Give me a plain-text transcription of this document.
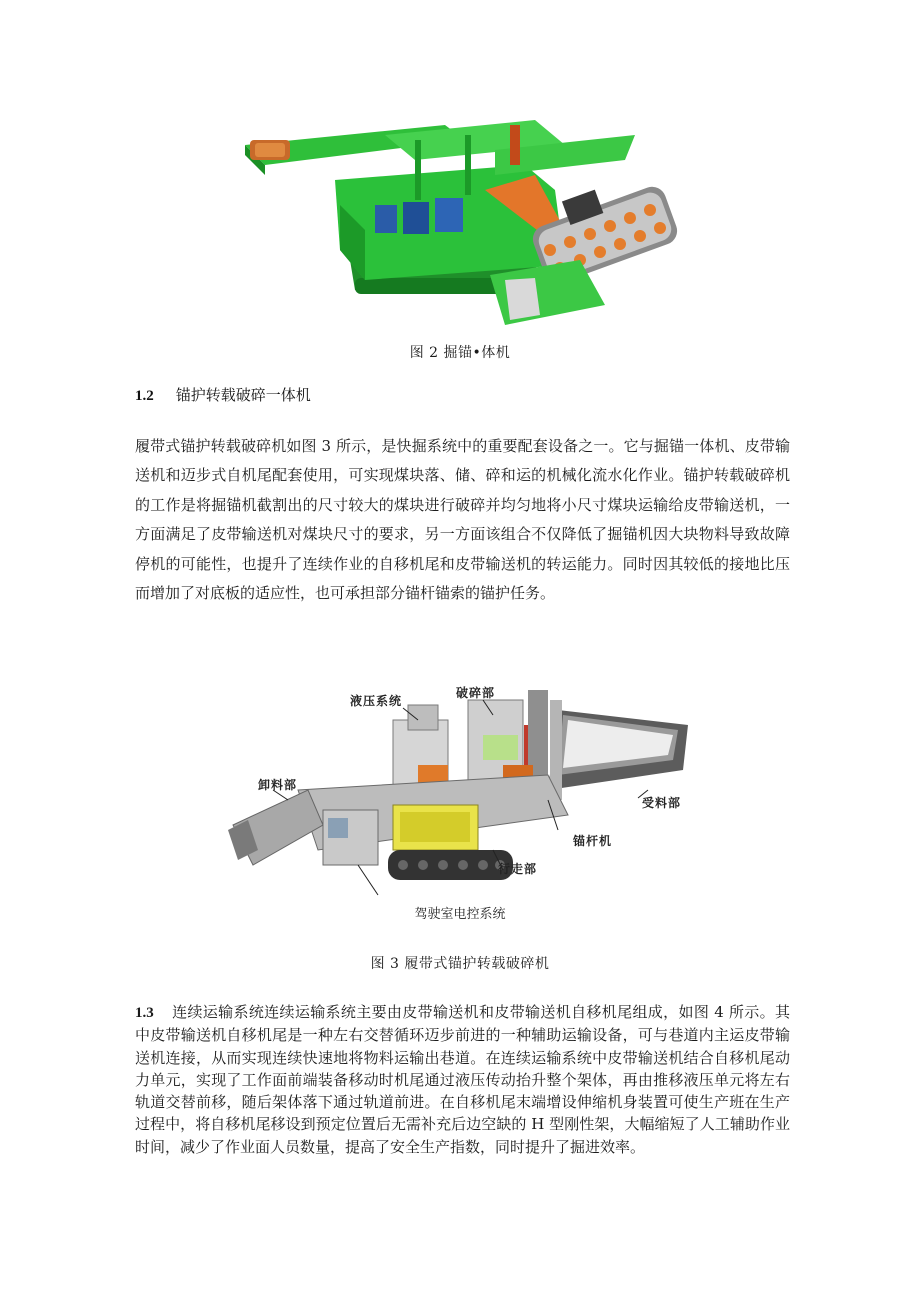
图 2 掘锚•体机
1.2 锚护转载破碎一体机

履带式锚护转载破碎机如图 3 所示，是快掘系统中的重要配套设备之一。它与掘锚一体机、皮带输送机和迈步式自机尾配套使用，可实现煤块落、储、碎和运的机械化流水化作业。锚护转载破碎机的工作是将掘锚机截割出的尺寸较大的煤块进行破碎并均匀地将小尺寸煤块运输给皮带输送机，一方面满足了皮带输送机对煤块尺寸的要求，另一方面该组合不仅降低了掘锚机因大块物料导致故障停机的可能性，也提升了连续作业的自移机尾和皮带输送机的转运能力。同时因其较低的接地比压而增加了对底板的适应性，也可承担部分锚杆锚索的锚护任务。

液压系统
破碎部
卸料部
受料部
锚杆机
行走部
驾驶室电控系统
图 3 履带式锚护转载破碎机

1.3 连续运输系统连续运输系统主要由皮带输送机和皮带输送机自移机尾组成，如图 4 所示。其中皮带输送机自移机尾是一种左右交替循环迈步前进的一种辅助运输设备，可与巷道内主运皮带输送机连接，从而实现连续快速地将物料运输出巷道。在连续运输系统中皮带输送机结合自移机尾动力单元，实现了工作面前端装备移动时机尾通过液压传动抬升整个架体，再由推移液压单元将左右轨道交替前移，随后架体落下通过轨道前进。在自移机尾末端增设伸缩机身装置可使生产班在生产过程中，将自移机尾移设到预定位置后无需补充后边空缺的 H 型刚性架，大幅缩短了人工辅助作业时间，减少了作业面人员数量，提高了安全生产指数，同时提升了掘进效率。
